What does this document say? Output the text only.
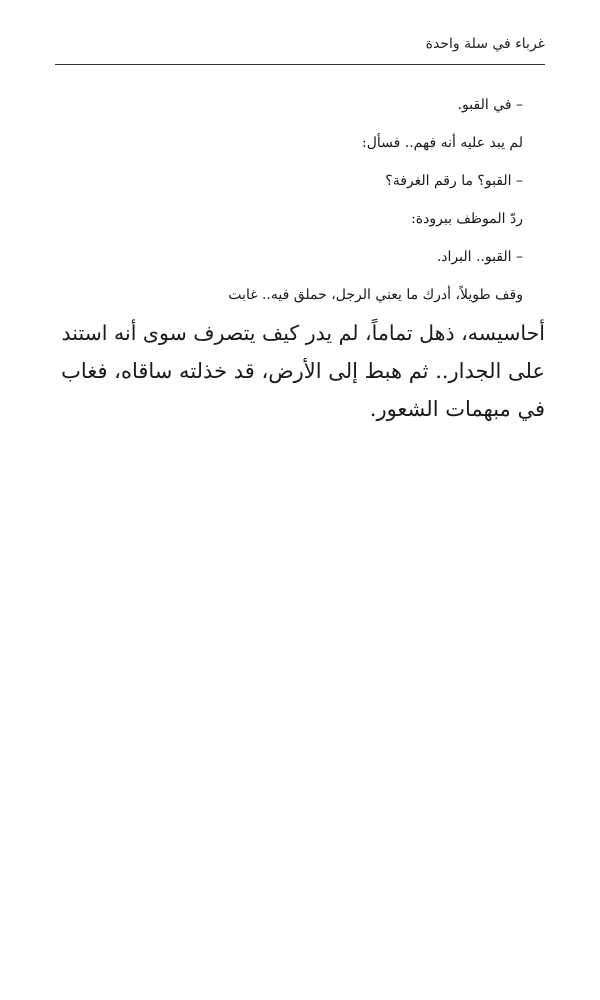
غرباء في سلة واحدة

– في القبو.

لم يبد عليه أنه فهم.. فسأل:

– القبو؟ ما رقم الغرفة؟

ردّ الموظف ببرودة:

– القبو.. البراد.

وقف طويلاً، أدرك ما يعني الرجل، حملق فيه.. غابت

أحاسيسه، ذهل تماماً، لم يدر كيف يتصرف سوى أنه استند

على الجدار.. ثم هبط إلى الأرض، قد خذلته ساقاه، فغاب

في مبهمات الشعور.
